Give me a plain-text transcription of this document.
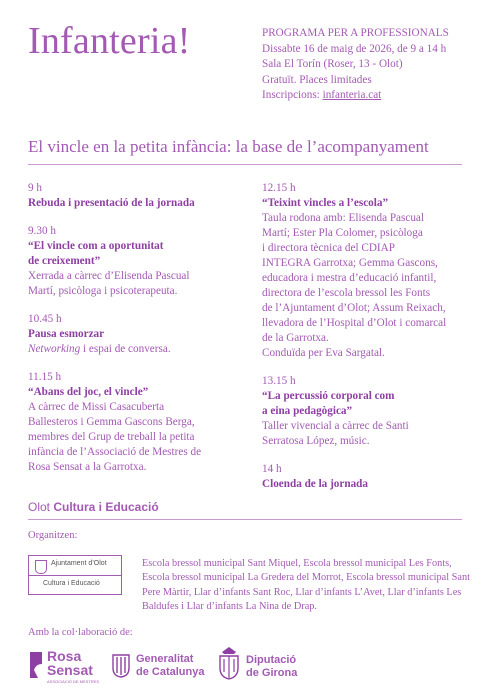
Infanteria!	PROGRAMA PER A PROFESSIONALS
Dissabte 16 de maig de 2026, de 9 a 14 h
Sala El Torín (Roser, 13 - Olot)
Gratuït. Places limitades
Inscripcions: infanteria.cat
El vincle en la petita infància: la base de l’acompanyament
9 h
Rebuda i presentació de la jornada
9.30 h
“El vincle com a oportunitat
de creixement”
Xerrada a càrrec d’Elisenda Pascual
Martí, psicòloga i psicoterapeuta.
10.45 h
Pausa esmorzar
Networking i espai de conversa.
11.15 h
“Abans del joc, el vincle”
A càrrec de Missi Casacuberta
Ballesteros i Gemma Gascons Berga,
membres del Grup de treball la petita
infància de l’Associació de Mestres de
Rosa Sensat a la Garrotxa.
12.15 h
“Teixint vincles a l’escola”
Taula rodona amb: Elisenda Pascual
Martí; Ester Pla Colomer, psicòloga
i directora tècnica del CDIAP
INTEGRA Garrotxa; Gemma Gascons,
educadora i mestra d’educació infantil,
directora de l’escola bressol les Fonts
de l’Ajuntament d’Olot; Assum Reixach,
llevadora de l’Hospital d’Olot i comarcal
de la Garrotxa.
Conduïda per Eva Sargatal.
13.15 h
“La percussió corporal com
a eina pedagògica”
Taller vivencial a càrrec de Santi
Serratosa López, músic.
14 h
Cloenda de la jornada
Olot Cultura i Educació
Organitzen:
Ajuntament d’Olot
Cultura i Educació
Escola bressol municipal Sant Miquel, Escola bressol municipal Les Fonts, Escola bressol municipal La Gredera del Morrot, Escola bressol municipal Sant Pere Màrtir, Llar d’infants Sant Roc, Llar d’infants L’Avet, Llar d’infants Les Baldufes i Llar d’infants La Nina de Drap.
Amb la col·laboració de:
Rosa
Sensat
ASSOCIACIÓ DE MESTRES
Generalitat
de Catalunya
Diputació
de Girona
